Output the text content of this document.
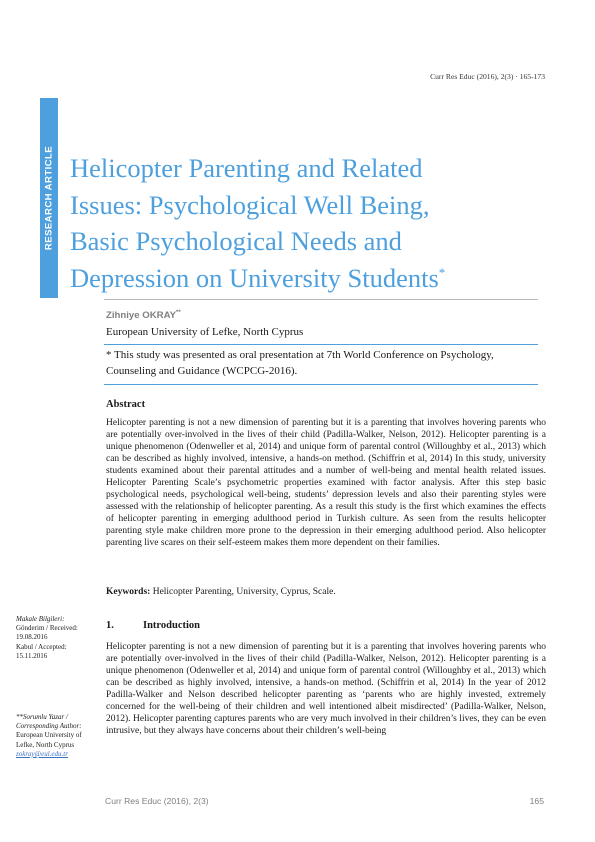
Curr Res Educ (2016), 2(3) · 165-173
RESEARCH ARTICLE Helicopter Parenting and Related
Issues: Psychological Well Being,
Basic Psychological Needs and
Depression on University Students*
Zihniye OKRAY**
European University of Lefke, North Cyprus
* This study was presented as oral presentation at 7th World Conference on Psychology, Counseling and Guidance (WCPCG-2016).
Abstract
Helicopter parenting is not a new dimension of parenting but it is a parenting that involves hovering parents who are potentially over-involved in the lives of their child (Padilla-Walker, Nelson, 2012). Helicopter parenting is a unique phenomenon (Odenweller et al, 2014) and unique form of parental control (Willoughby et al., 2013) which can be described as highly involved, intensive, a hands-on method. (Schiffrin et al, 2014) In this study, university students examined about their parental attitudes and a number of well-being and mental health related issues. Helicopter Parenting Scale’s psychometric properties examined with factor analysis. After this step basic psychological needs, psychological well-being, students’ depression levels and also their parenting styles were assessed with the relationship of helicopter parenting. As a result this study is the first which examines the effects of helicopter parenting in emerging adulthood period in Turkish culture. As seen from the results helicopter parenting style make children more prone to the depression in their emerging adulthood period. Also helicopter parenting live scares on their self-esteem makes them more dependent on their families.
Keywords: Helicopter Parenting, University, Cyprus, Scale.
Makale Bilgileri:
Gönderim / Received:
19.08.2016
Kabul / Accepted:
15.11.2016
**Sorumlu Yazar /
Corresponding Author:
European University of
Lefke, North Cyprus
zokray@eul.edu.tr
1.	Introduction
Helicopter parenting is not a new dimension of parenting but it is a parenting that involves hovering parents who are potentially over-involved in the lives of their child (Padilla-Walker, Nelson, 2012). Helicopter parenting is a unique phenomenon (Odenweller et al, 2014) and unique form of parental control (Willoughby et al., 2013) which can be described as highly involved, intensive, a hands-on method. (Schiffrin et al, 2014) In the year of 2012 Padilla-Walker and Nelson described helicopter parenting as ‘parents who are highly invested, extremely concerned for the well-being of their children and well intentioned albeit misdirected’ (Padilla-Walker, Nelson, 2012). Helicopter parenting captures parents who are very much involved in their children’s lives, they can be even intrusive, but they always have concerns about their children’s well-being
Curr Res Educ (2016), 2(3)	165
